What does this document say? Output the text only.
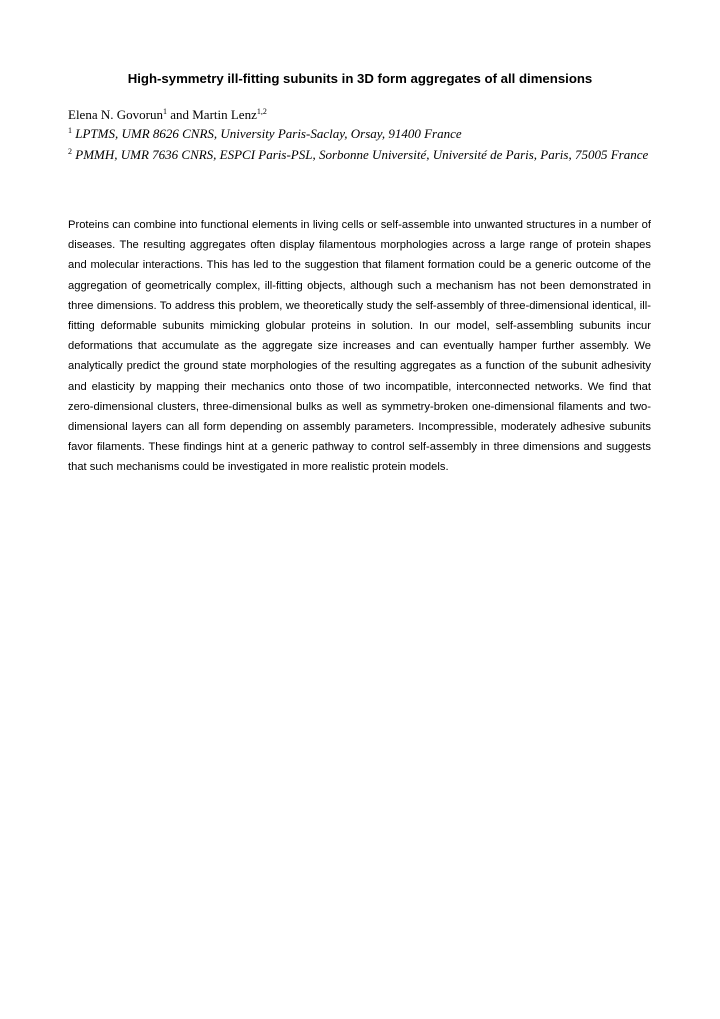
High-symmetry ill-fitting subunits in 3D form aggregates of all dimensions
Elena N. Govorun$^1$ and Martin Lenz$^{1,2}$
$^1$ LPTMS, UMR 8626 CNRS, University Paris-Saclay, Orsay, 91400 France
$^2$ PMMH, UMR 7636 CNRS, ESPCI Paris-PSL, Sorbonne Université, Université de Paris, Paris, 75005 France
Proteins can combine into functional elements in living cells or self-assemble into unwanted structures in a number of diseases. The resulting aggregates often display filamentous morphologies across a large range of protein shapes and molecular interactions. This has led to the suggestion that filament formation could be a generic outcome of the aggregation of geometrically complex, ill-fitting objects, although such a mechanism has not been demonstrated in three dimensions. To address this problem, we theoretically study the self-assembly of three-dimensional identical, ill-fitting deformable subunits mimicking globular proteins in solution. In our model, self-assembling subunits incur deformations that accumulate as the aggregate size increases and can eventually hamper further assembly. We analytically predict the ground state morphologies of the resulting aggregates as a function of the subunit adhesivity and elasticity by mapping their mechanics onto those of two incompatible, interconnected networks. We find that zero-dimensional clusters, three-dimensional bulks as well as symmetry-broken one-dimensional filaments and two-dimensional layers can all form depending on assembly parameters. Incompressible, moderately adhesive subunits favor filaments. These findings hint at a generic pathway to control self-assembly in three dimensions and suggests that such mechanisms could be investigated in more realistic protein models.
